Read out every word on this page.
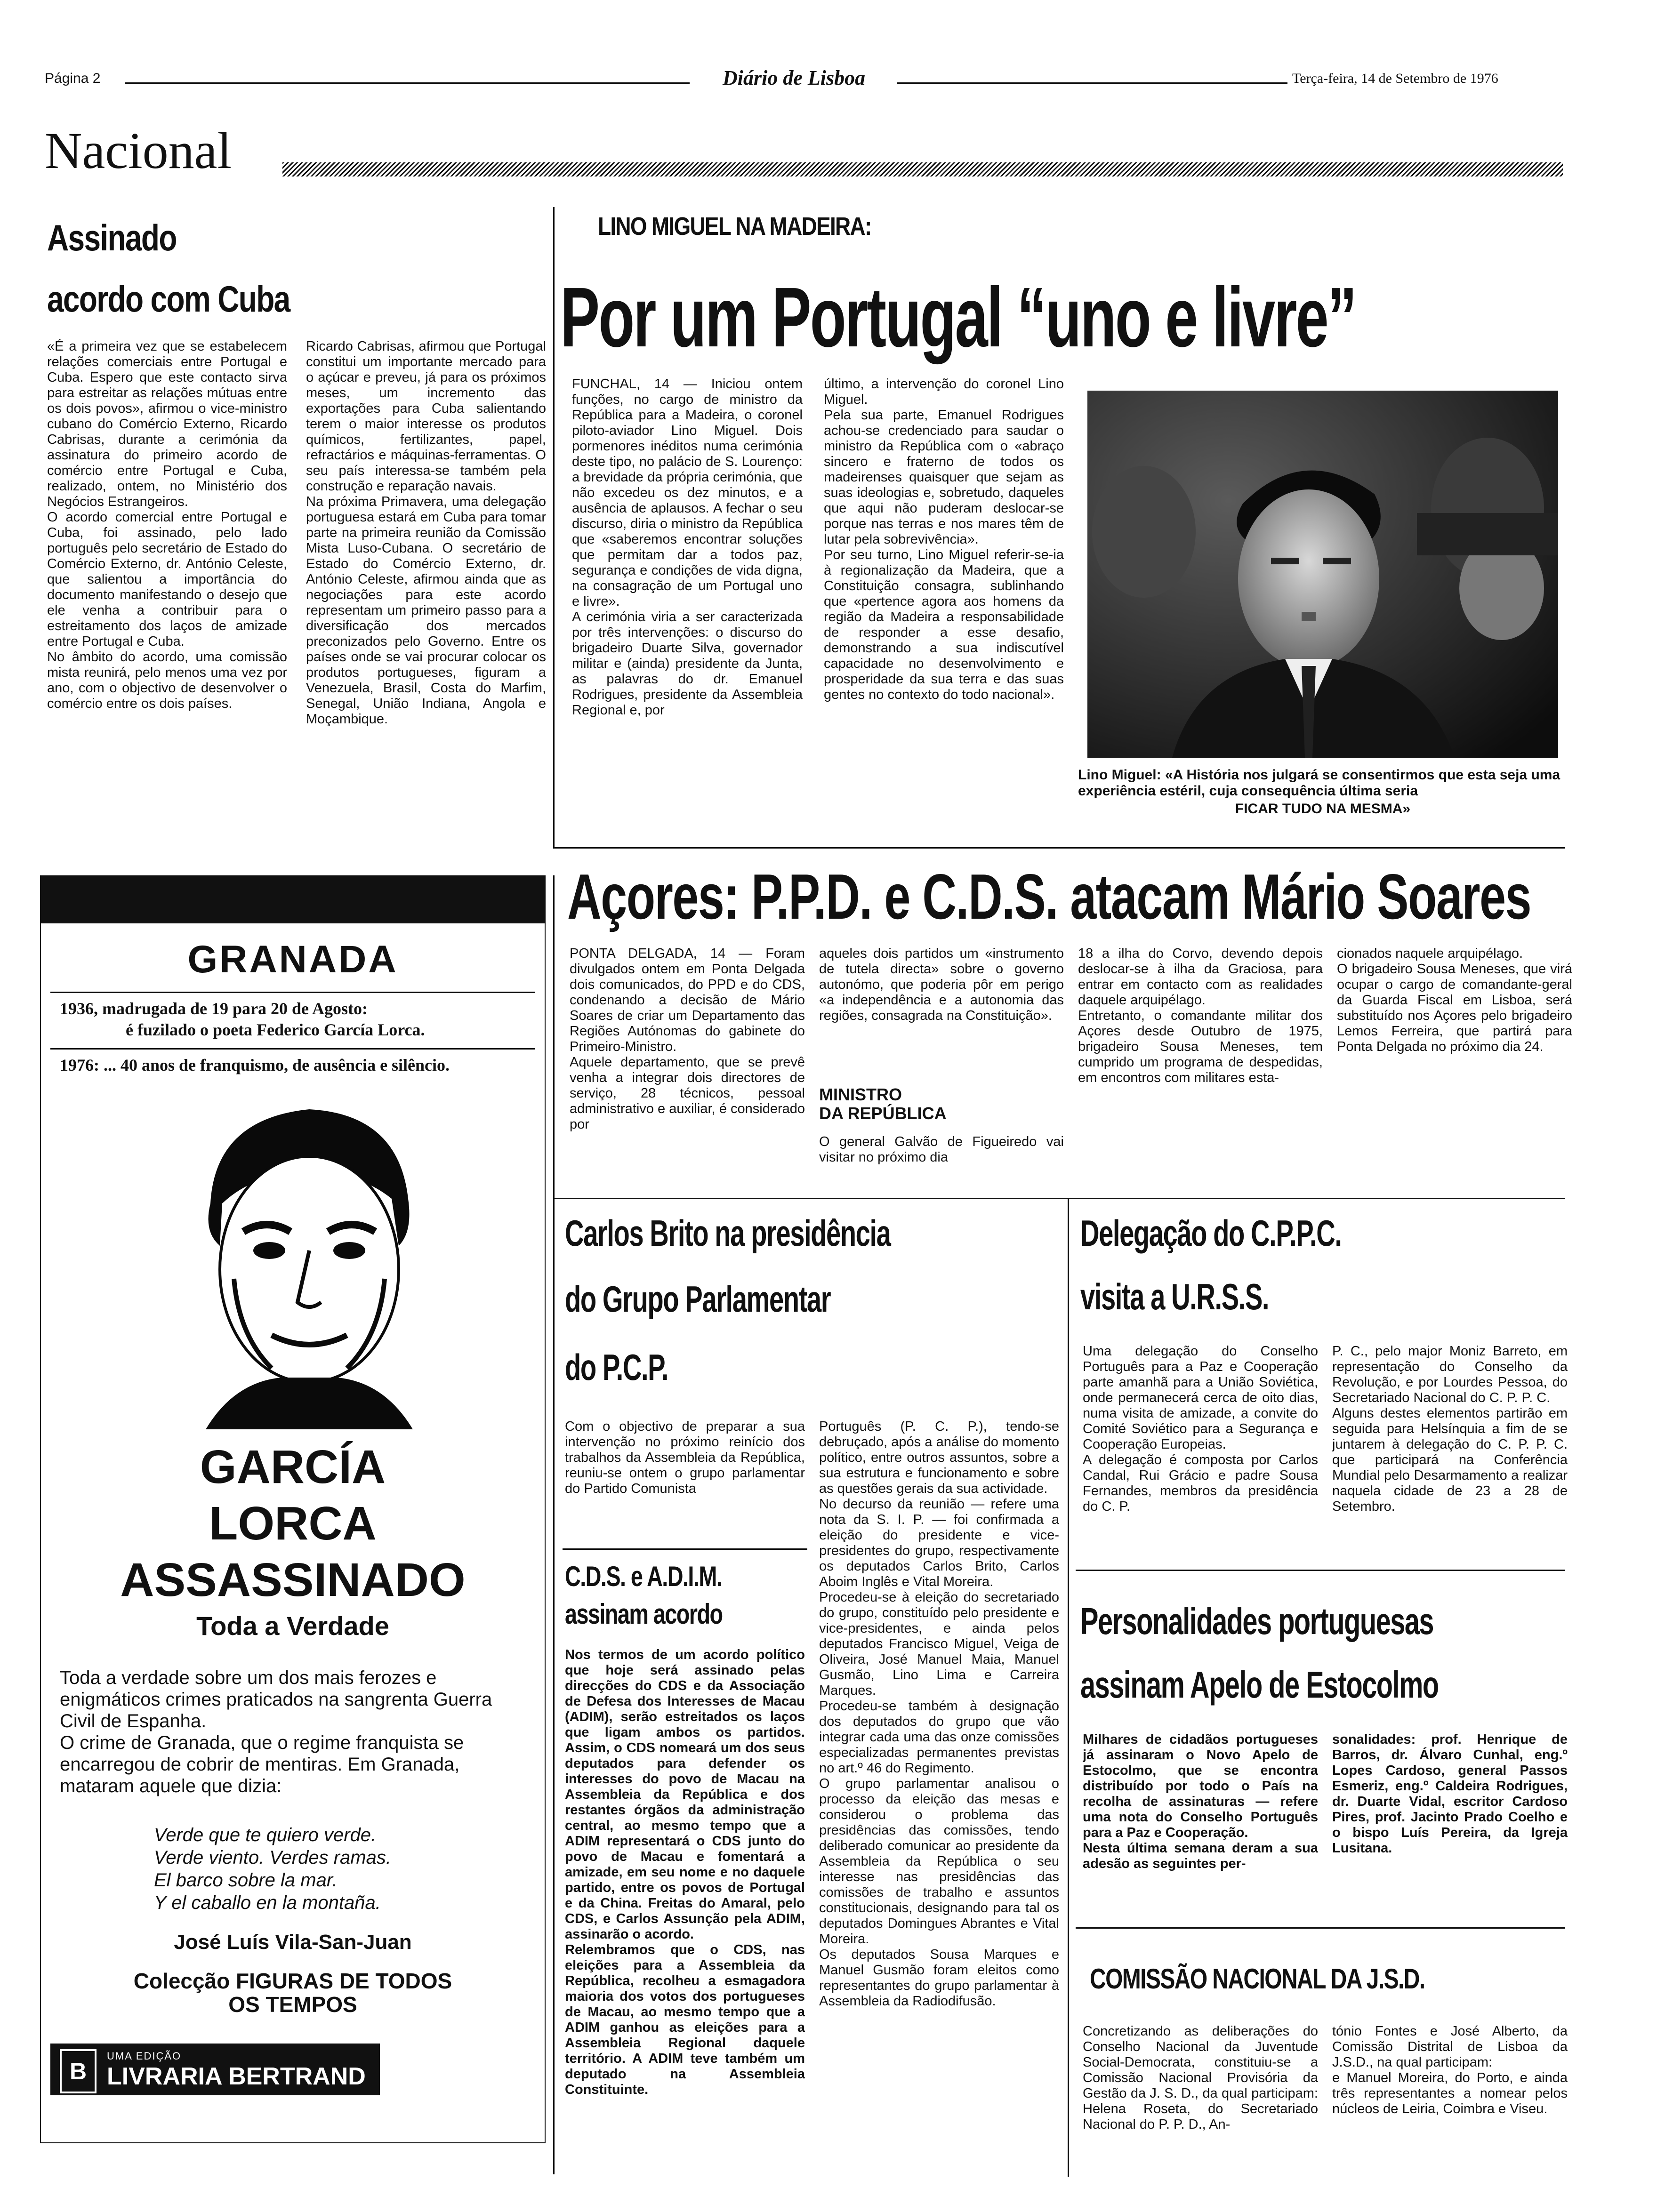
Página 2	Diário de Lisboa	Terça-feira, 14 de Setembro de 1976
Nacional
Assinado
acordo com Cuba
«É a primeira vez que se estabelecem relações comerciais entre Portugal e Cuba. Espero que este contacto sirva para estreitar as relações mútuas entre os dois povos», afirmou o vice-ministro cubano do Comércio Externo, Ricardo Cabrisas, durante a cerimónia da assinatura do primeiro acordo de comércio entre Portugal e Cuba, realizado, ontem, no Ministério dos Negócios Estrangeiros.
O acordo comercial entre Portugal e Cuba, foi assinado, pelo lado português pelo secretário de Estado do Comércio Externo, dr. António Celeste, que salientou a importância do documento manifestando o desejo que ele venha a contribuir para o estreitamento dos laços de amizade entre Portugal e Cuba.
No âmbito do acordo, uma comissão mista reunirá, pelo menos uma vez por ano, com o objectivo de desenvolver o comércio entre os dois países.
Ricardo Cabrisas, afirmou que Portugal constitui um importante mercado para o açúcar e preveu, já para os próximos meses, um incremento das exportações para Cuba salientando terem o maior interesse os produtos químicos, fertilizantes, papel, refractários e máquinas-ferramentas. O seu país interessa-se também pela construção e reparação navais.
Na próxima Primavera, uma delegação portuguesa estará em Cuba para tomar parte na primeira reunião da Comissão Mista Luso-Cubana. O secretário de Estado do Comércio Externo, dr. António Celeste, afirmou ainda que as negociações para este acordo representam um primeiro passo para a diversificação dos mercados preconizados pelo Governo. Entre os países onde se vai procurar colocar os produtos portugueses, figuram a Venezuela, Brasil, Costa do Marfim, Senegal, União Indiana, Angola e Moçambique.
LINO MIGUEL NA MADEIRA:
Por um Portugal “uno e livre”
FUNCHAL, 14 — Iniciou ontem funções, no cargo de ministro da República para a Madeira, o coronel piloto-aviador Lino Miguel. Dois pormenores inéditos numa cerimónia deste tipo, no palácio de S. Lourenço: a brevidade da própria cerimónia, que não excedeu os dez minutos, e a ausência de aplausos. A fechar o seu discurso, diria o ministro da República que «saberemos encontrar soluções que permitam dar a todos paz, segurança e condições de vida digna, na consagração de um Portugal uno e livre».
A cerimónia viria a ser caracterizada por três intervenções: o discurso do brigadeiro Duarte Silva, governador militar e (ainda) presidente da Junta, as palavras do dr. Emanuel Rodrigues, presidente da Assembleia Regional e, por
último, a intervenção do coronel Lino Miguel.
Pela sua parte, Emanuel Rodrigues achou-se credenciado para saudar o ministro da República com o «abraço sincero e fraterno de todos os madeirenses quaisquer que sejam as suas ideologias e, sobretudo, daqueles que aqui não puderam deslocar-se porque nas terras e nos mares têm de lutar pela sobrevivência».
Por seu turno, Lino Miguel referir-se-ia à regionalização da Madeira, que a Constituição consagra, sublinhando que «pertence agora aos homens da região da Madeira a responsabilidade de responder a esse desafio, demonstrando a sua indiscutível capacidade no desenvolvimento e prosperidade da sua terra e das suas gentes no contexto do todo nacional».
Lino Miguel: «A História nos julgará se consentirmos que esta seja uma experiência estéril, cuja consequência última seria
FICAR TUDO NA MESMA»
GRANADA
1936, madrugada de 19 para 20 de Agosto:
é fuzilado o poeta Federico García Lorca.
1976: ... 40 anos de franquismo, de ausência e silêncio.
GARCÍA
LORCA
ASSASSINADO
Toda a Verdade
Toda a verdade sobre um dos mais ferozes e enigmáticos crimes praticados na sangrenta Guerra Civil de Espanha.
O crime de Granada, que o regime franquista se encarregou de cobrir de mentiras. Em Granada, mataram aquele que dizia:
Verde que te quiero verde.
Verde viento. Verdes ramas.
El barco sobre la mar.
Y el caballo en la montaña.
José Luís Vila-San-Juan
Colecção FIGURAS DE TODOS
OS TEMPOS
B
UMA EDIÇÃO
LIVRARIA BERTRAND
Açores: P.P.D. e C.D.S. atacam Mário Soares
PONTA DELGADA, 14 — Foram divulgados ontem em Ponta Delgada dois comunicados, do PPD e do CDS, condenando a decisão de Mário Soares de criar um Departamento das Regiões Autónomas do gabinete do Primeiro-Ministro.
Aquele departamento, que se prevê venha a integrar dois directores de serviço, 28 técnicos, pessoal administrativo e auxiliar, é considerado por
aqueles dois partidos um «instrumento de tutela directa» sobre o governo autonómo, que poderia pôr em perigo «a independência e a autonomia das regiões, consagrada na Constituição».
MINISTRO
DA REPÚBLICA
O general Galvão de Figueiredo vai visitar no próximo dia
18 a ilha do Corvo, devendo depois deslocar-se à ilha da Graciosa, para entrar em contacto com as realidades daquele arquipélago.
Entretanto, o comandante militar dos Açores desde Outubro de 1975, brigadeiro Sousa Meneses, tem cumprido um programa de despedidas, em encontros com militares esta-
cionados naquele arquipélago.
O brigadeiro Sousa Meneses, que virá ocupar o cargo de comandante-geral da Guarda Fiscal em Lisboa, será substituído nos Açores pelo brigadeiro Lemos Ferreira, que partirá para Ponta Delgada no próximo dia 24.
Carlos Brito na presidência
do Grupo Parlamentar
do P.C.P.
Com o objectivo de preparar a sua intervenção no próximo reinício dos trabalhos da Assembleia da República, reuniu-se ontem o grupo parlamentar do Partido Comunista
C.D.S. e A.D.I.M.
assinam acordo
Nos termos de um acordo político que hoje será assinado pelas direcções do CDS e da Associação de Defesa dos Interesses de Macau (ADIM), serão estreitados os laços que ligam ambos os partidos. Assim, o CDS nomeará um dos seus deputados para defender os interesses do povo de Macau na Assembleia da República e dos restantes órgãos da administração central, ao mesmo tempo que a ADIM representará o CDS junto do povo de Macau e fomentará a amizade, em seu nome e no daquele partido, entre os povos de Portugal e da China. Freitas do Amaral, pelo CDS, e Carlos Assunção pela ADIM, assinarão o acordo.
Relembramos que o CDS, nas eleições para a Assembleia da República, recolheu a esmagadora maioria dos votos dos portugueses de Macau, ao mesmo tempo que a ADIM ganhou as eleições para a Assembleia Regional daquele território. A ADIM teve também um deputado na Assembleia Constituinte.
Português (P. C. P.), tendo-se debruçado, após a análise do momento político, entre outros assuntos, sobre a sua estrutura e funcionamento e sobre as questões gerais da sua actividade.
No decurso da reunião — refere uma nota da S. I. P. — foi confirmada a eleição do presidente e vice-presidentes do grupo, respectivamente os deputados Carlos Brito, Carlos Aboim Inglês e Vital Moreira.
Procedeu-se à eleição do secretariado do grupo, constituído pelo presidente e vice-presidentes, e ainda pelos deputados Francisco Miguel, Veiga de Oliveira, José Manuel Maia, Manuel Gusmão, Lino Lima e Carreira Marques.
Procedeu-se também à designação dos deputados do grupo que vão integrar cada uma das onze comissões especializadas permanentes previstas no art.º 46 do Regimento.
O grupo parlamentar analisou o processo da eleição das mesas e considerou o problema das presidências das comissões, tendo deliberado comunicar ao presidente da Assembleia da República o seu interesse nas presidências das comissões de trabalho e assuntos constitucionais, designando para tal os deputados Domingues Abrantes e Vital Moreira.
Os deputados Sousa Marques e Manuel Gusmão foram eleitos como representantes do grupo parlamentar à Assembleia da Radiodifusão.
Delegação do C.P.P.C.
visita a U.R.S.S.
Uma delegação do Conselho Português para a Paz e Cooperação parte amanhã para a União Soviética, onde permanecerá cerca de oito dias, numa visita de amizade, a convite do Comité Soviético para a Segurança e Cooperação Europeias.
A delegação é composta por Carlos Candal, Rui Grácio e padre Sousa Fernandes, membros da presidência do C. P.
P. C., pelo major Moniz Barreto, em representação do Conselho da Revolução, e por Lourdes Pessoa, do Secretariado Nacional do C. P. P. C.
Alguns destes elementos partirão em seguida para Helsínquia a fim de se juntarem à delegação do C. P. P. C. que participará na Conferência Mundial pelo Desarmamento a realizar naquela cidade de 23 a 28 de Setembro.
Personalidades portuguesas
assinam Apelo de Estocolmo
Milhares de cidadãos portugueses já assinaram o Novo Apelo de Estocolmo, que se encontra distribuído por todo o País na recolha de assinaturas — refere uma nota do Conselho Português para a Paz e Cooperação.
Nesta última semana deram a sua adesão as seguintes per-
sonalidades: prof. Henrique de Barros, dr. Álvaro Cunhal, eng.º Lopes Cardoso, general Passos Esmeriz, eng.º Caldeira Rodrigues, dr. Duarte Vidal, escritor Cardoso Pires, prof. Jacinto Prado Coelho e o bispo Luís Pereira, da Igreja Lusitana.
COMISSÃO NACIONAL DA J.S.D.
Concretizando as deliberações do Conselho Nacional da Juventude Social-Democrata, constituiu-se a Comissão Nacional Provisória da Gestão da J. S. D., da qual participam: Helena Roseta, do Secretariado Nacional do P. P. D., An-
tónio Fontes e José Alberto, da Comissão Distrital de Lisboa da J.S.D., na qual participam:
e Manuel Moreira, do Porto, e ainda três representantes a nomear pelos núcleos de Leiria, Coimbra e Viseu.
